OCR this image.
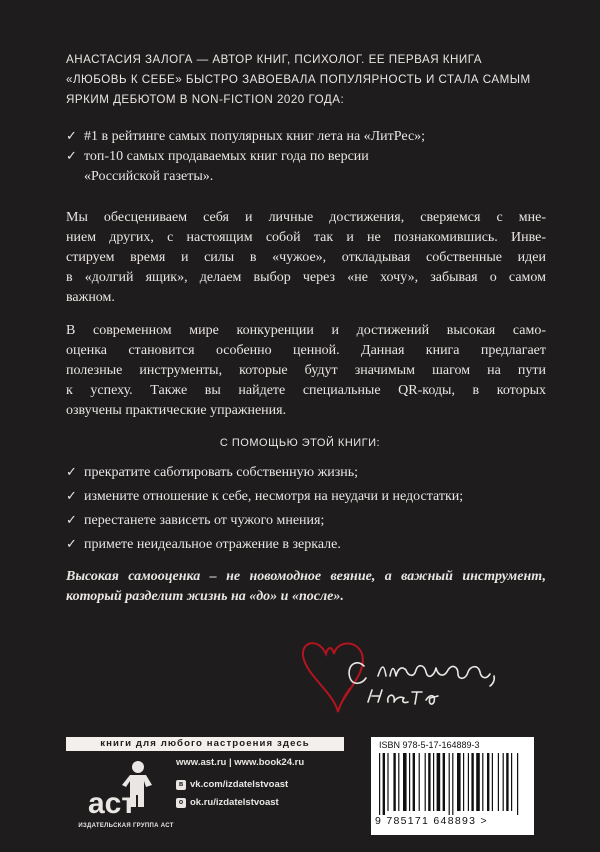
АНАСТАСИЯ ЗАЛОГА — АВТОР КНИГ, ПСИХОЛОГ. ЕЕ ПЕРВАЯ КНИГА
«ЛЮБОВЬ К СЕБЕ» БЫСТРО ЗАВОЕВАЛА ПОПУЛЯРНОСТЬ И СТАЛА САМЫМ
ЯРКИМ ДЕБЮТОМ В NON-FICTION 2020 ГОДА:
✓ #1 в рейтинге самых популярных книг лета на «ЛитРес»;
✓ топ-10 самых продаваемых книг года по версии
«Российской газеты».
Мы обесцениваем себя и личные достижения, сверяемся с мне-
нием других, с настоящим собой так и не познакомившись. Инве-
стируем время и силы в «чужое», откладывая собственные идеи
в «долгий ящик», делаем выбор через «не хочу», забывая о самом
важном.
В современном мире конкуренции и достижений высокая само-
оценка становится особенно ценной. Данная книга предлагает
полезные инструменты, которые будут значимым шагом на пути
к успеху. Также вы найдете специальные QR-коды, в которых
озвучены практические упражнения.
С ПОМОЩЬЮ ЭТОЙ КНИГИ:
✓ прекратите саботировать собственную жизнь;
✓ измените отношение к себе, несмотря на неудачи и недостатки;
✓ перестанете зависеть от чужого мнения;
✓ примете неидеальное отражение в зеркале.
Высокая самооценка – не новомодное веяние, а важный инструмент,
который разделит жизнь на «до» и «после».
книги для любого настроения здесь
аст
ИЗДАТЕЛЬСКАЯ ГРУППА АСТ
www.ast.ru | www.book24.ru
в vk.com/izdatelstvoast
о ok.ru/izdatelstvoast
ISBN 978-5-17-164889-3
9 785171 648893 >
